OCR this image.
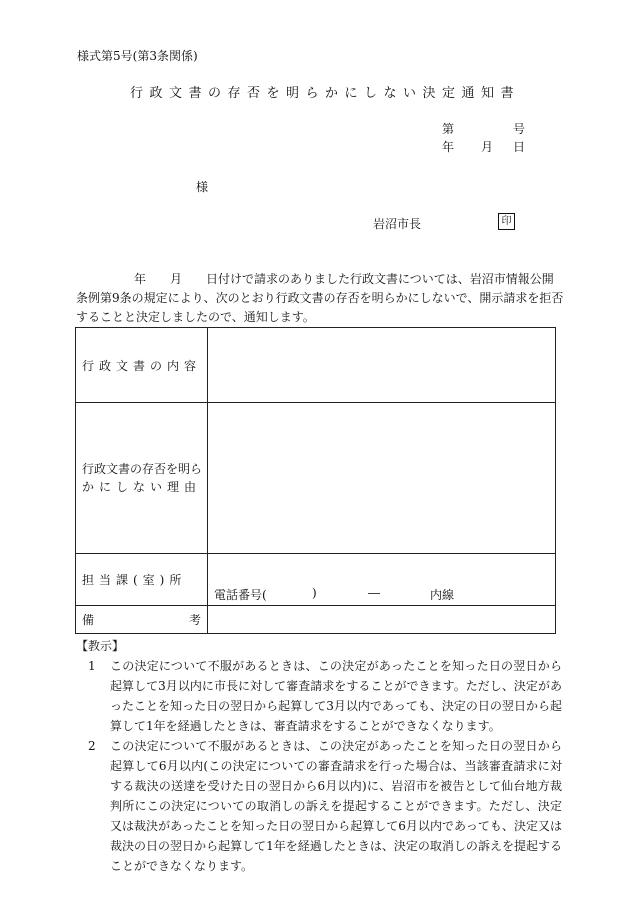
様式第5号(第3条関係)
行政文書の存否を明らかにしない決定通知書
第	号
年 月 日
様
岩沼市長	印

年　　月　　日付けで請求のありました行政文書については、岩沼市情報公開

条例第9条の規定により、次のとおり行政文書の存否を明らかにしないで、開示請求を拒否

することと決定しましたので、通知します。

行政文書の内容	

行政文書の存否を明ら
かにしない理由	

担当課(室)所	電話番号( ) ― 内線

備 考	

【教示】

1	この決定について不服があるときは、この決定があったことを知った日の翌日から起算して3月以内に市長に対して審査請求をすることができます。ただし、決定があったことを知った日の翌日から起算して3月以内であっても、決定の日の翌日から起算して1年を経過したときは、審査請求をすることができなくなります。
2	この決定について不服があるときは、この決定があったことを知った日の翌日から起算して6月以内(この決定についての審査請求を行った場合は、当該審査請求に対する裁決の送達を受けた日の翌日から6月以内)に、岩沼市を被告として仙台地方裁判所にこの決定についての取消しの訴えを提起することができます。ただし、決定又は裁決があったことを知った日の翌日から起算して6月以内であっても、決定又は裁決の日の翌日から起算して1年を経過したときは、決定の取消しの訴えを提起することができなくなります。
